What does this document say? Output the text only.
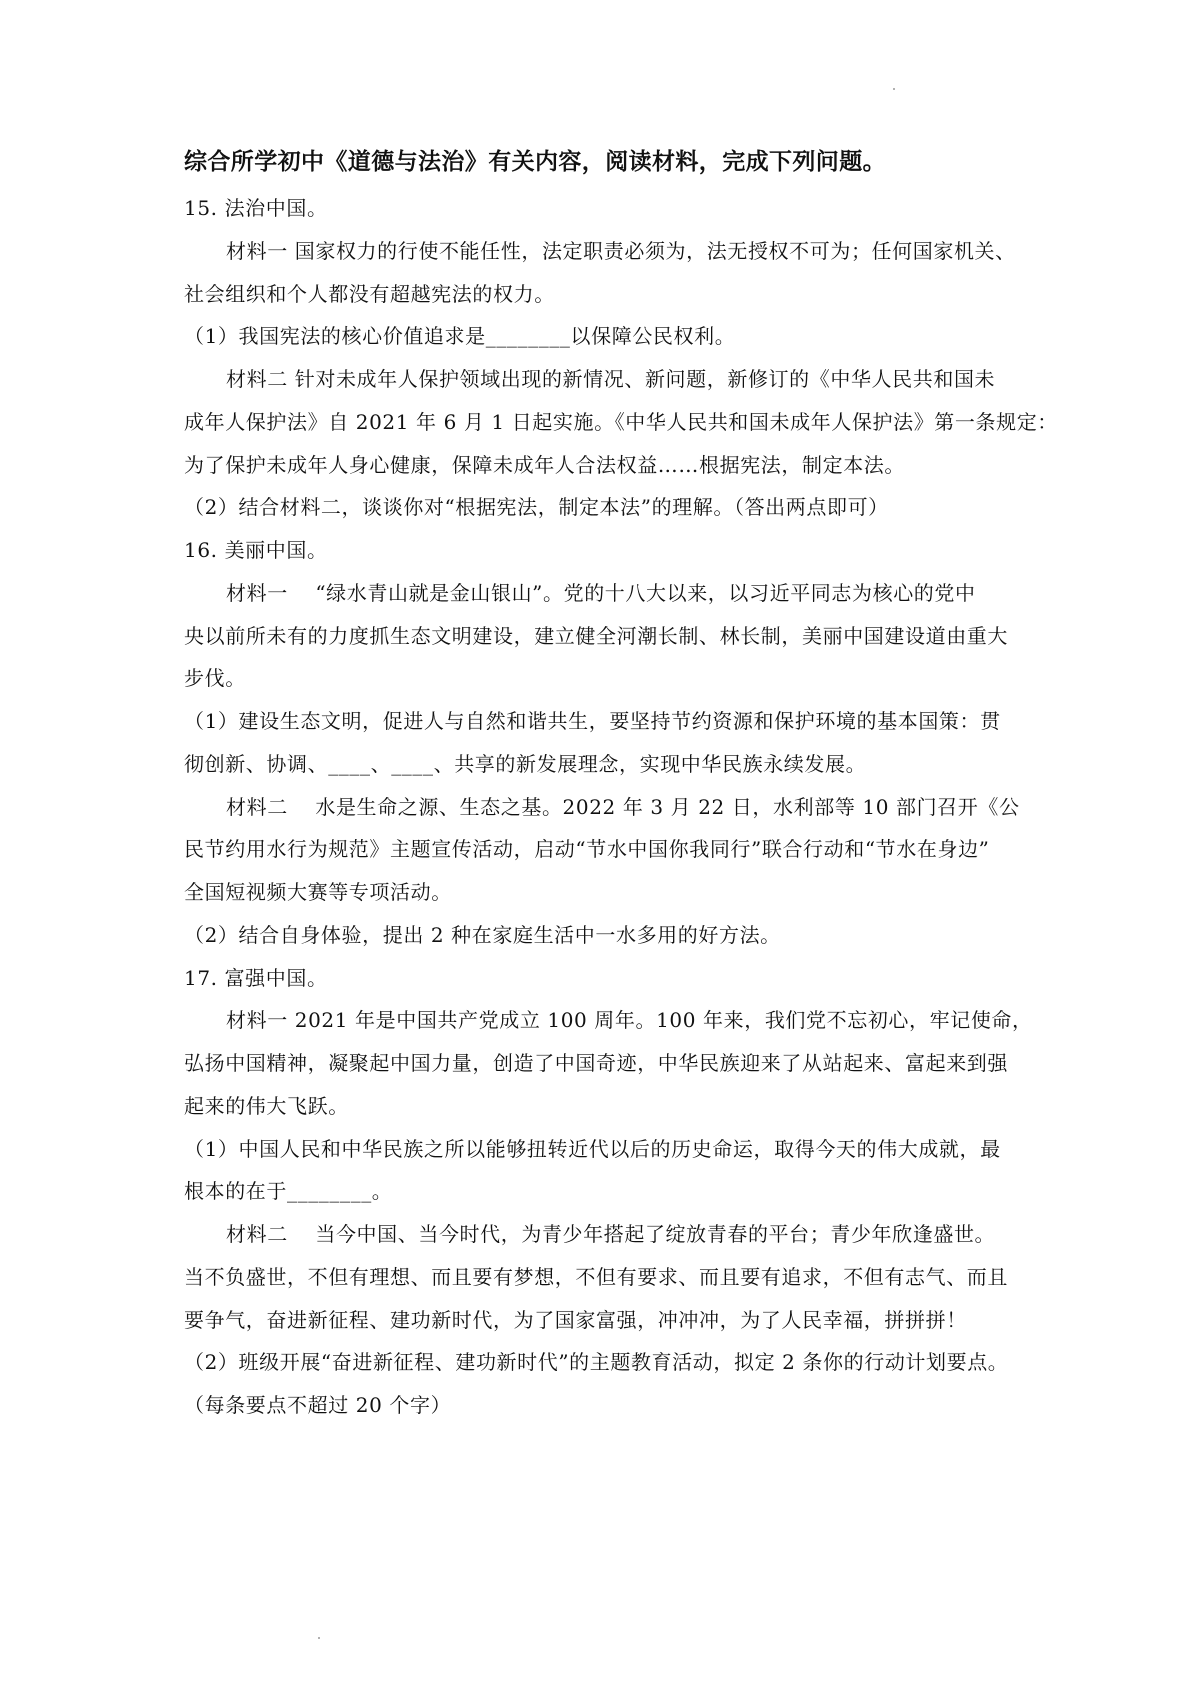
综合所学初中《道德与法治》有关内容，阅读材料，完成下列问题。
15. 法治中国。
材料一 国家权力的行使不能任性，法定职责必须为，法无授权不可为；任何国家机关、
社会组织和个人都没有超越宪法的权力。
（1）我国宪法的核心价值追求是________以保障公民权利。
材料二 针对未成年人保护领域出现的新情况、新问题，新修订的《中华人民共和国未
成年人保护法》自 2021 年 6 月 1 日起实施。《中华人民共和国未成年人保护法》第一条规定：
为了保护未成年人身心健康，保障未成年人合法权益……根据宪法，制定本法。
（2）结合材料二，谈谈你对“根据宪法，制定本法”的理解。（答出两点即可）
16. 美丽中国。
材料一　 “绿水青山就是金山银山”。党的十八大以来，以习近平同志为核心的党中
央以前所未有的力度抓生态文明建设，建立健全河潮长制、林长制，美丽中国建设道由重大
步伐。
（1）建设生态文明，促进人与自然和谐共生，要坚持节约资源和保护环境的基本国策：贯
彻创新、协调、____、____、共享的新发展理念，实现中华民族永续发展。
材料二　 水是生命之源、生态之基。2022 年 3 月 22 日，水利部等 10 部门召开《公
民节约用水行为规范》主题宣传活动，启动“节水中国你我同行”联合行动和“节水在身边”
全国短视频大赛等专项活动。
（2）结合自身体验，提出 2 种在家庭生活中一水多用的好方法。
17. 富强中国。
材料一 2021 年是中国共产党成立 100 周年。100 年来，我们党不忘初心，牢记使命，
弘扬中国精神，凝聚起中国力量，创造了中国奇迹，中华民族迎来了从站起来、富起来到强
起来的伟大飞跃。
（1）中国人民和中华民族之所以能够扭转近代以后的历史命运，取得今天的伟大成就，最
根本的在于________。
材料二　 当今中国、当今时代，为青少年搭起了绽放青春的平台；青少年欣逢盛世。
当不负盛世，不但有理想、而且要有梦想，不但有要求、而且要有追求，不但有志气、而且
要争气，奋进新征程、建功新时代，为了国家富强，冲冲冲，为了人民幸福，拼拼拼！
（2）班级开展“奋进新征程、建功新时代”的主题教育活动，拟定 2 条你的行动计划要点。
（每条要点不超过 20 个字）
